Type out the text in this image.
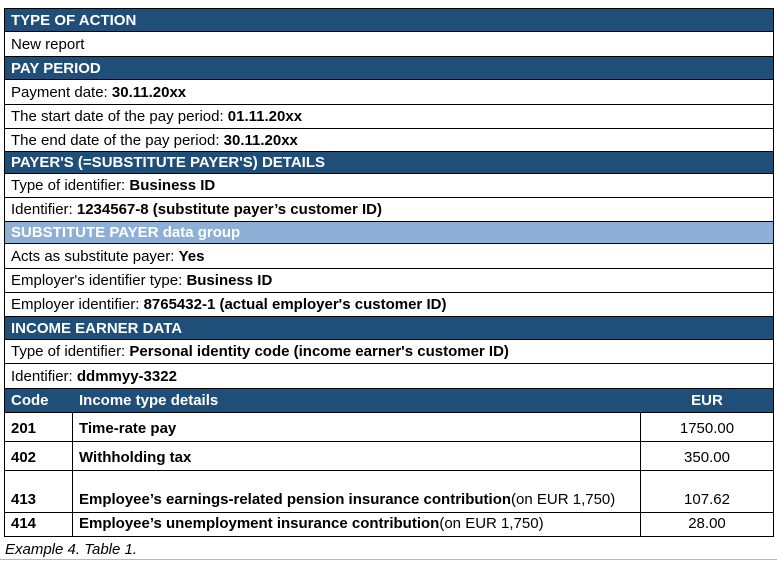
TYPE OF ACTION		
New report		
PAY PERIOD		
Payment date: 30.11.20xx		
The start date of the pay period: 01.11.20xx		
The end date of the pay period: 30.11.20xx		
PAYER'S (=SUBSTITUTE PAYER'S) DETAILS		
Type of identifier: Business ID		
Identifier: 1234567-8 (substitute payer’s customer ID)		
SUBSTITUTE PAYER data group		
Acts as substitute payer: Yes		
Employer's identifier type: Business ID		
Employer identifier: 8765432-1 (actual employer's customer ID)		
INCOME EARNER DATA		
Type of identifier: Personal identity code (income earner's customer ID)		
Identifier: ddmmyy-3322		
Code	Income type details	EUR
201	Time-rate pay	1750.00
402	Withholding tax	350.00
413	Employee’s earnings-related pension insurance contribution(on EUR 1,750)	107.62
414	Employee’s unemployment insurance contribution(on EUR 1,750)	28.00
Example 4. Table 1.
